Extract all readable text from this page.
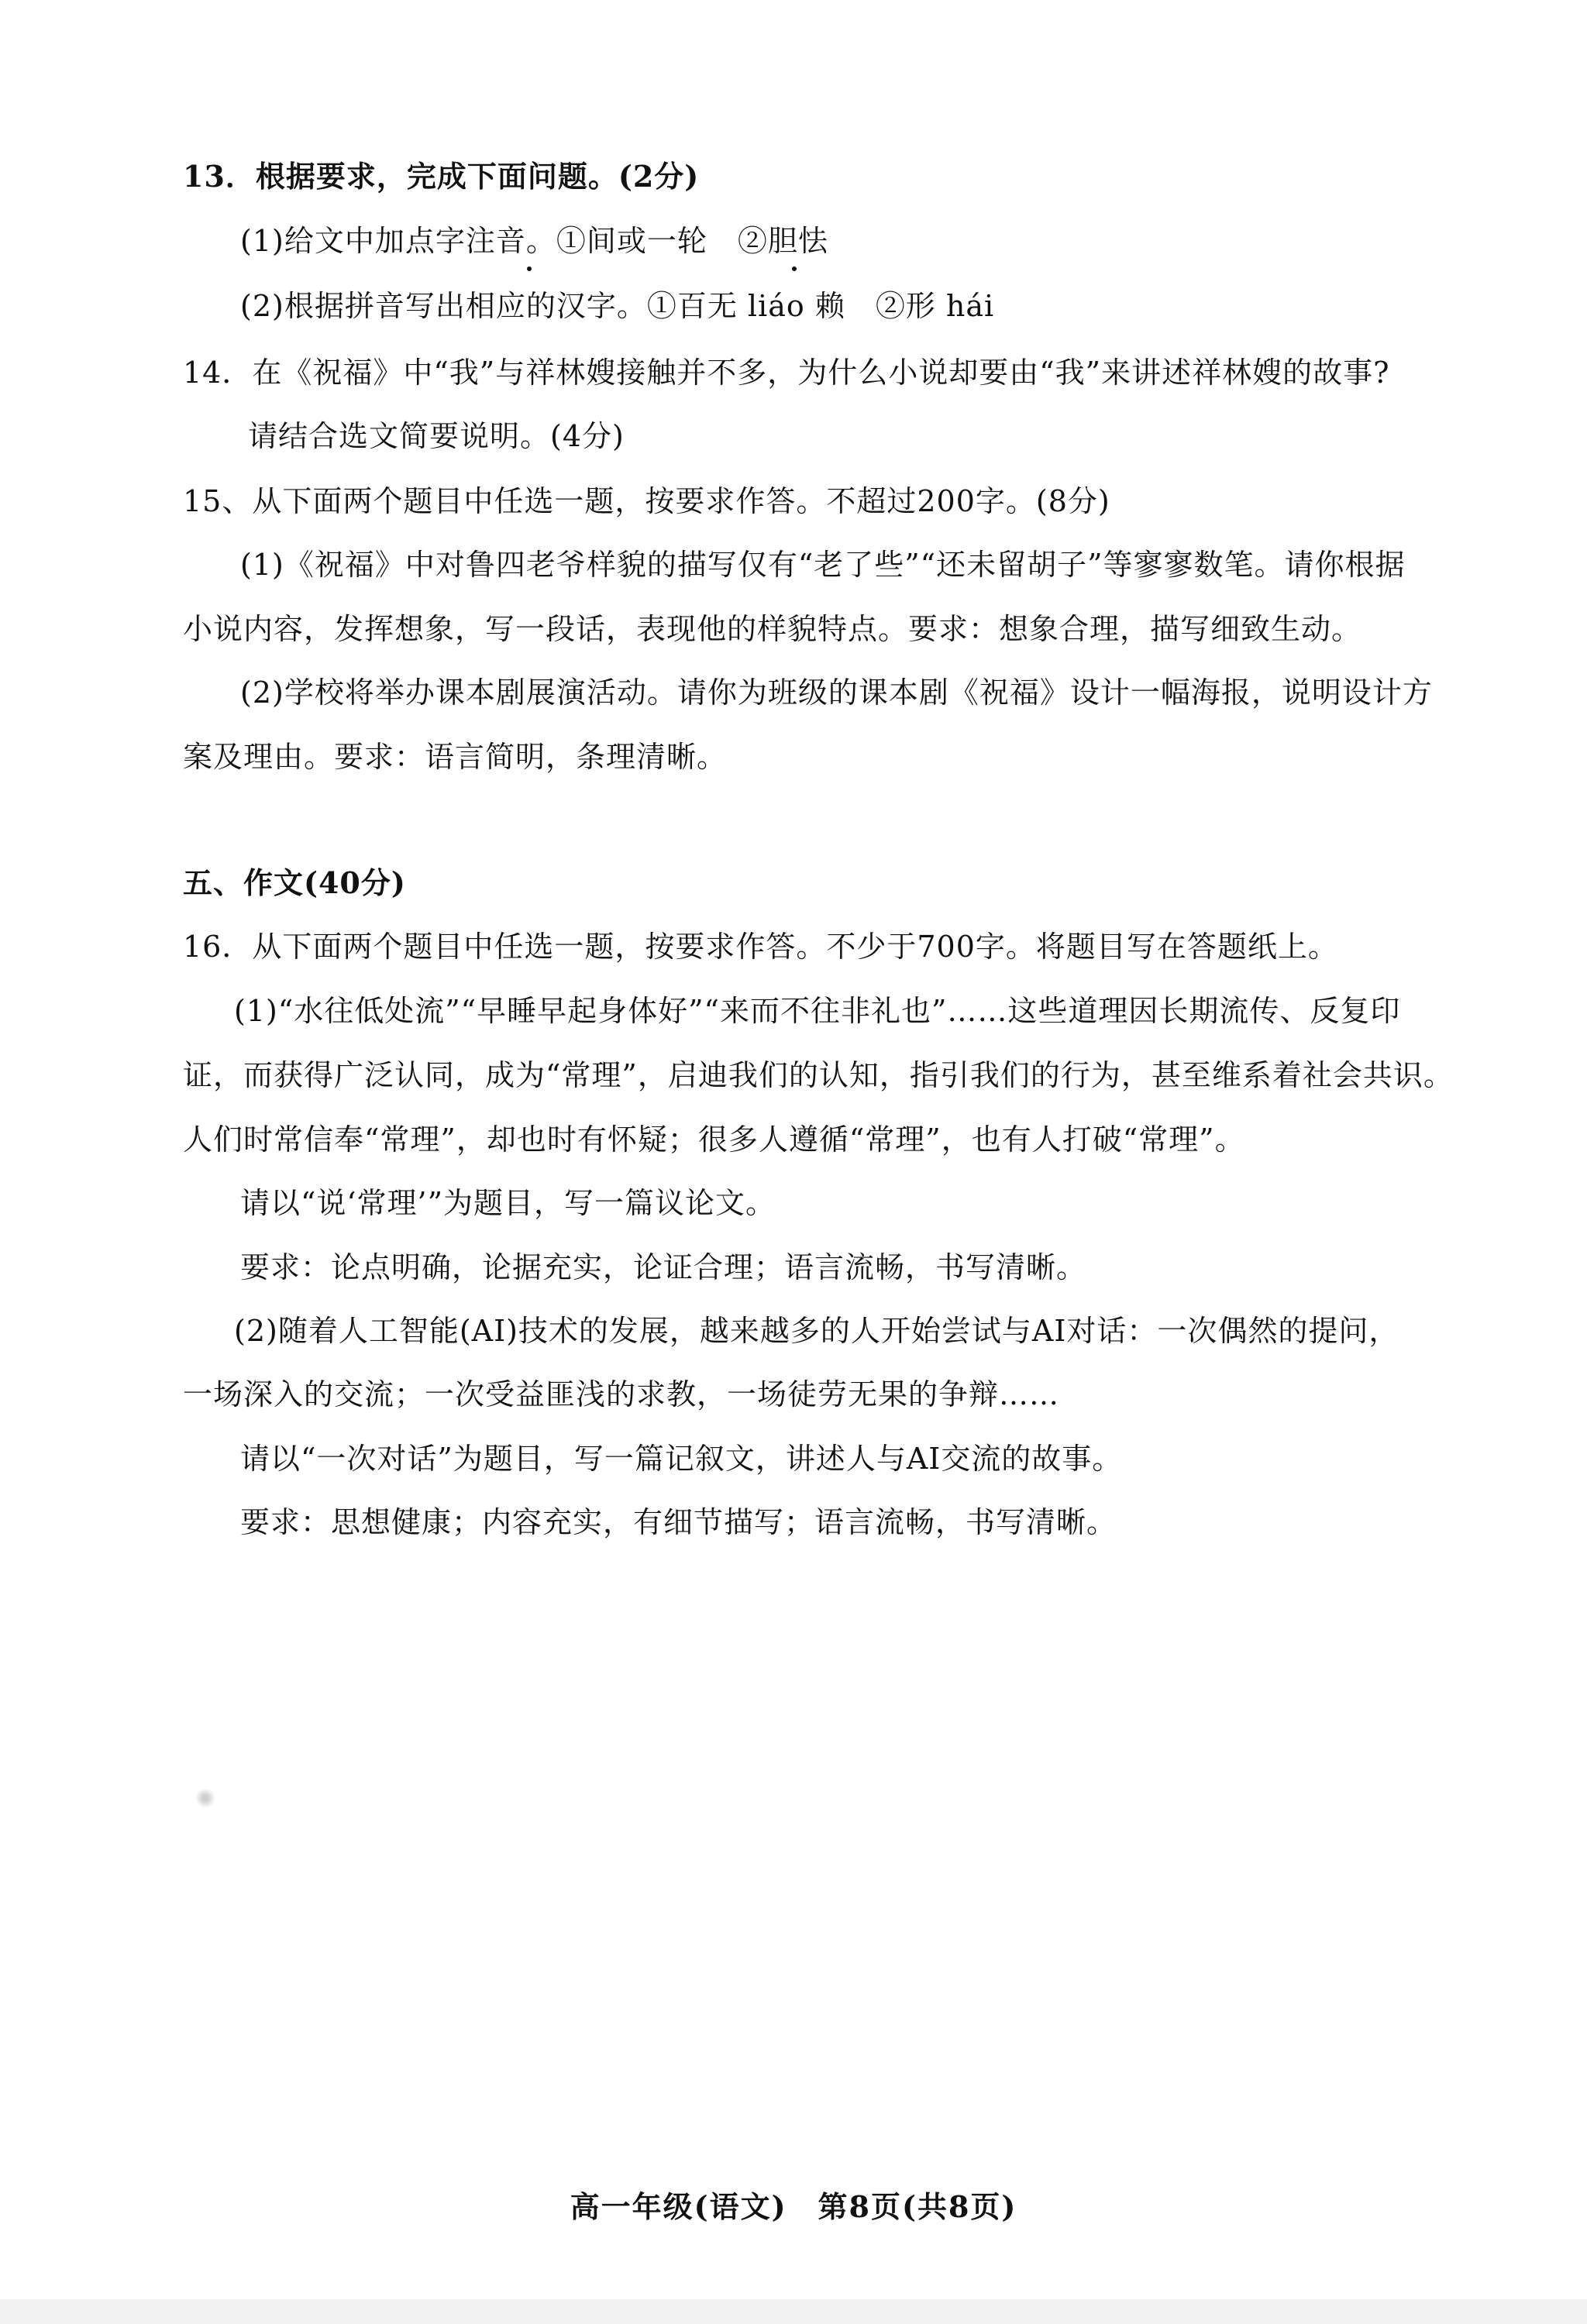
13．根据要求，完成下面问题。(2分)
(1)给文中加点字注音。①间或一轮　②胆怯
(2)根据拼音写出相应的汉字。①百无 liáo 赖　②形 hái
14．在《祝福》中“我”与祥林嫂接触并不多，为什么小说却要由“我”来讲述祥林嫂的故事?
请结合选文简要说明。(4分)
15、从下面两个题目中任选一题，按要求作答。不超过200字。(8分)
(1)《祝福》中对鲁四老爷样貌的描写仅有“老了些”“还未留胡子”等寥寥数笔。请你根据
小说内容，发挥想象，写一段话，表现他的样貌特点。要求：想象合理，描写细致生动。
(2)学校将举办课本剧展演活动。请你为班级的课本剧《祝福》设计一幅海报，说明设计方
案及理由。要求：语言简明，条理清晰。
五、作文(40分)
16．从下面两个题目中任选一题，按要求作答。不少于700字。将题目写在答题纸上。
(1)“水往低处流”“早睡早起身体好”“来而不往非礼也”……这些道理因长期流传、反复印
证，而获得广泛认同，成为“常理”，启迪我们的认知，指引我们的行为，甚至维系着社会共识。
人们时常信奉“常理”，却也时有怀疑；很多人遵循“常理”，也有人打破“常理”。
请以“说‘常理’”为题目，写一篇议论文。
要求：论点明确，论据充实，论证合理；语言流畅，书写清晰。
(2)随着人工智能(AI)技术的发展，越来越多的人开始尝试与AI对话：一次偶然的提问，
一场深入的交流；一次受益匪浅的求教，一场徒劳无果的争辩……
请以“一次对话”为题目，写一篇记叙文，讲述人与AI交流的故事。
要求：思想健康；内容充实，有细节描写；语言流畅，书写清晰。
高一年级(语文)　第8页(共8页)
